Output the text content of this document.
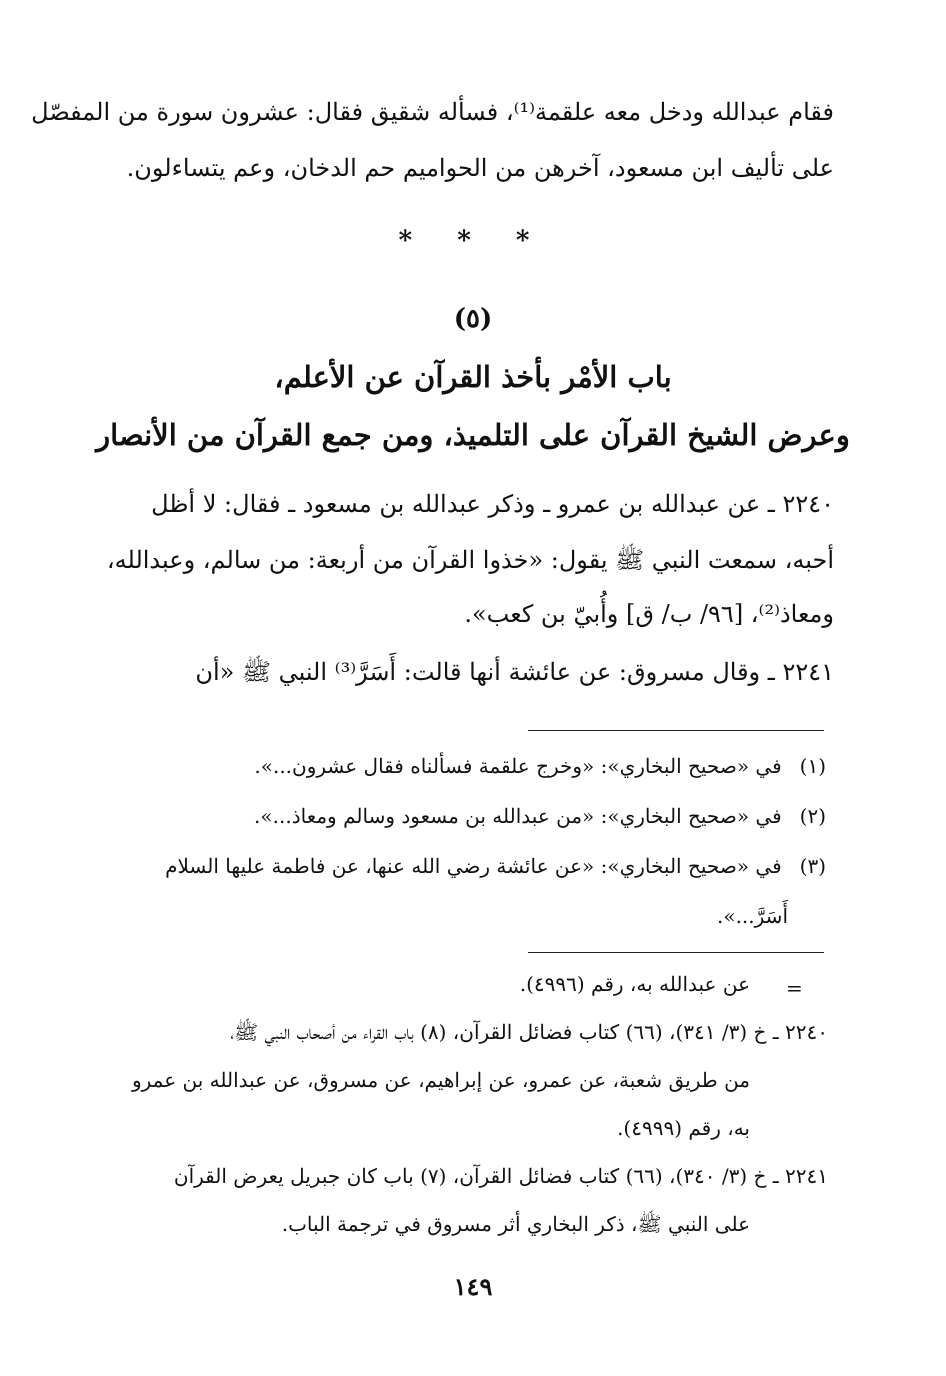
فقام عبدالله ودخل معه علقمة⁽¹⁾، فسأله شقيق فقال: عشرون سورة من المفصّل
على تأليف ابن مسعود، آخرهن من الحواميم حم الدخان، وعم يتساءلون.
* * *
(٥)
باب الأمْر بأخذ القرآن عن الأعلم،
وعرض الشيخ القرآن على التلميذ، ومن جمع القرآن من الأنصار
٢٢٤٠ ـ عن عبدالله بن عمرو ـ وذكر عبدالله بن مسعود ـ فقال: لا أظل
أحبه، سمعت النبي ﷺ يقول: «خذوا القرآن من أربعة: من سالم، وعبدالله،
ومعاذ⁽²⁾، [٩٦/ ب/ ق] وأُبيّ بن كعب».
٢٢٤١ ـ وقال مسروق: عن عائشة أنها قالت: أَسَرَّ⁽³⁾ النبي ﷺ «أن
(١) في «صحيح البخاري»: «وخرج علقمة فسألناه فقال عشرون...».
(٢) في «صحيح البخاري»: «من عبدالله بن مسعود وسالم ومعاذ...».
(٣) في «صحيح البخاري»: «عن عائشة رضي الله عنها، عن فاطمة عليها السلام
أَسَرَّ...».
=
عن عبدالله به، رقم (٤٩٩٦).
٢٢٤٠ ـ خ (٣/ ٣٤١)، (٦٦) كتاب فضائل القرآن، (٨) باب القراء من أصحاب النبي ﷺ،
من طريق شعبة، عن عمرو، عن إبراهيم، عن مسروق، عن عبدالله بن عمرو
به، رقم (٤٩٩٩).
٢٢٤١ ـ خ (٣/ ٣٤٠)، (٦٦) كتاب فضائل القرآن، (٧) باب كان جبريل يعرض القرآن
على النبي ﷺ، ذكر البخاري أثر مسروق في ترجمة الباب.
١٤٩
